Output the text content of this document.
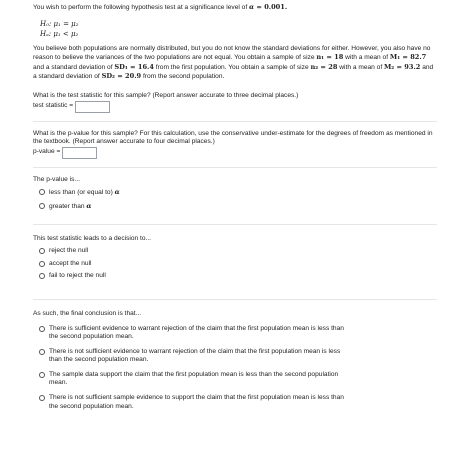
You wish to perform the following hypothesis test at a significance level of α = 0.001.

H₀: μ₁ = μ₂
Hₐ: μ₁ < μ₂

You believe both populations are normally distributed, but you do not know the standard deviations for either. However, you also have no reason to believe the variances of the two populations are not equal. You obtain a sample of size n₁ = 18 with a mean of M₁ = 82.7 and a standard deviation of SD₁ = 16.4 from the first population. You obtain a sample of size n₂ = 28 with a mean of M₂ = 93.2 and a standard deviation of SD₂ = 20.9 from the second population.

What is the test statistic for this sample? (Report answer accurate to three decimal places.)
test statistic =
What is the p-value for this sample? For this calculation, use the conservative under-estimate for the degrees of freedom as mentioned in the textbook. (Report answer accurate to four decimal places.)
p-value =
The p-value is...
less than (or equal to) α
greater than α
This test statistic leads to a decision to...
reject the null
accept the null
fail to reject the null
As such, the final conclusion is that...
There is sufficient evidence to warrant rejection of the claim that the first population mean is less than the second population mean.
There is not sufficient evidence to warrant rejection of the claim that the first population mean is less than the second population mean.
The sample data support the claim that the first population mean is less than the second population mean.
There is not sufficient sample evidence to support the claim that the first population mean is less than the second population mean.
